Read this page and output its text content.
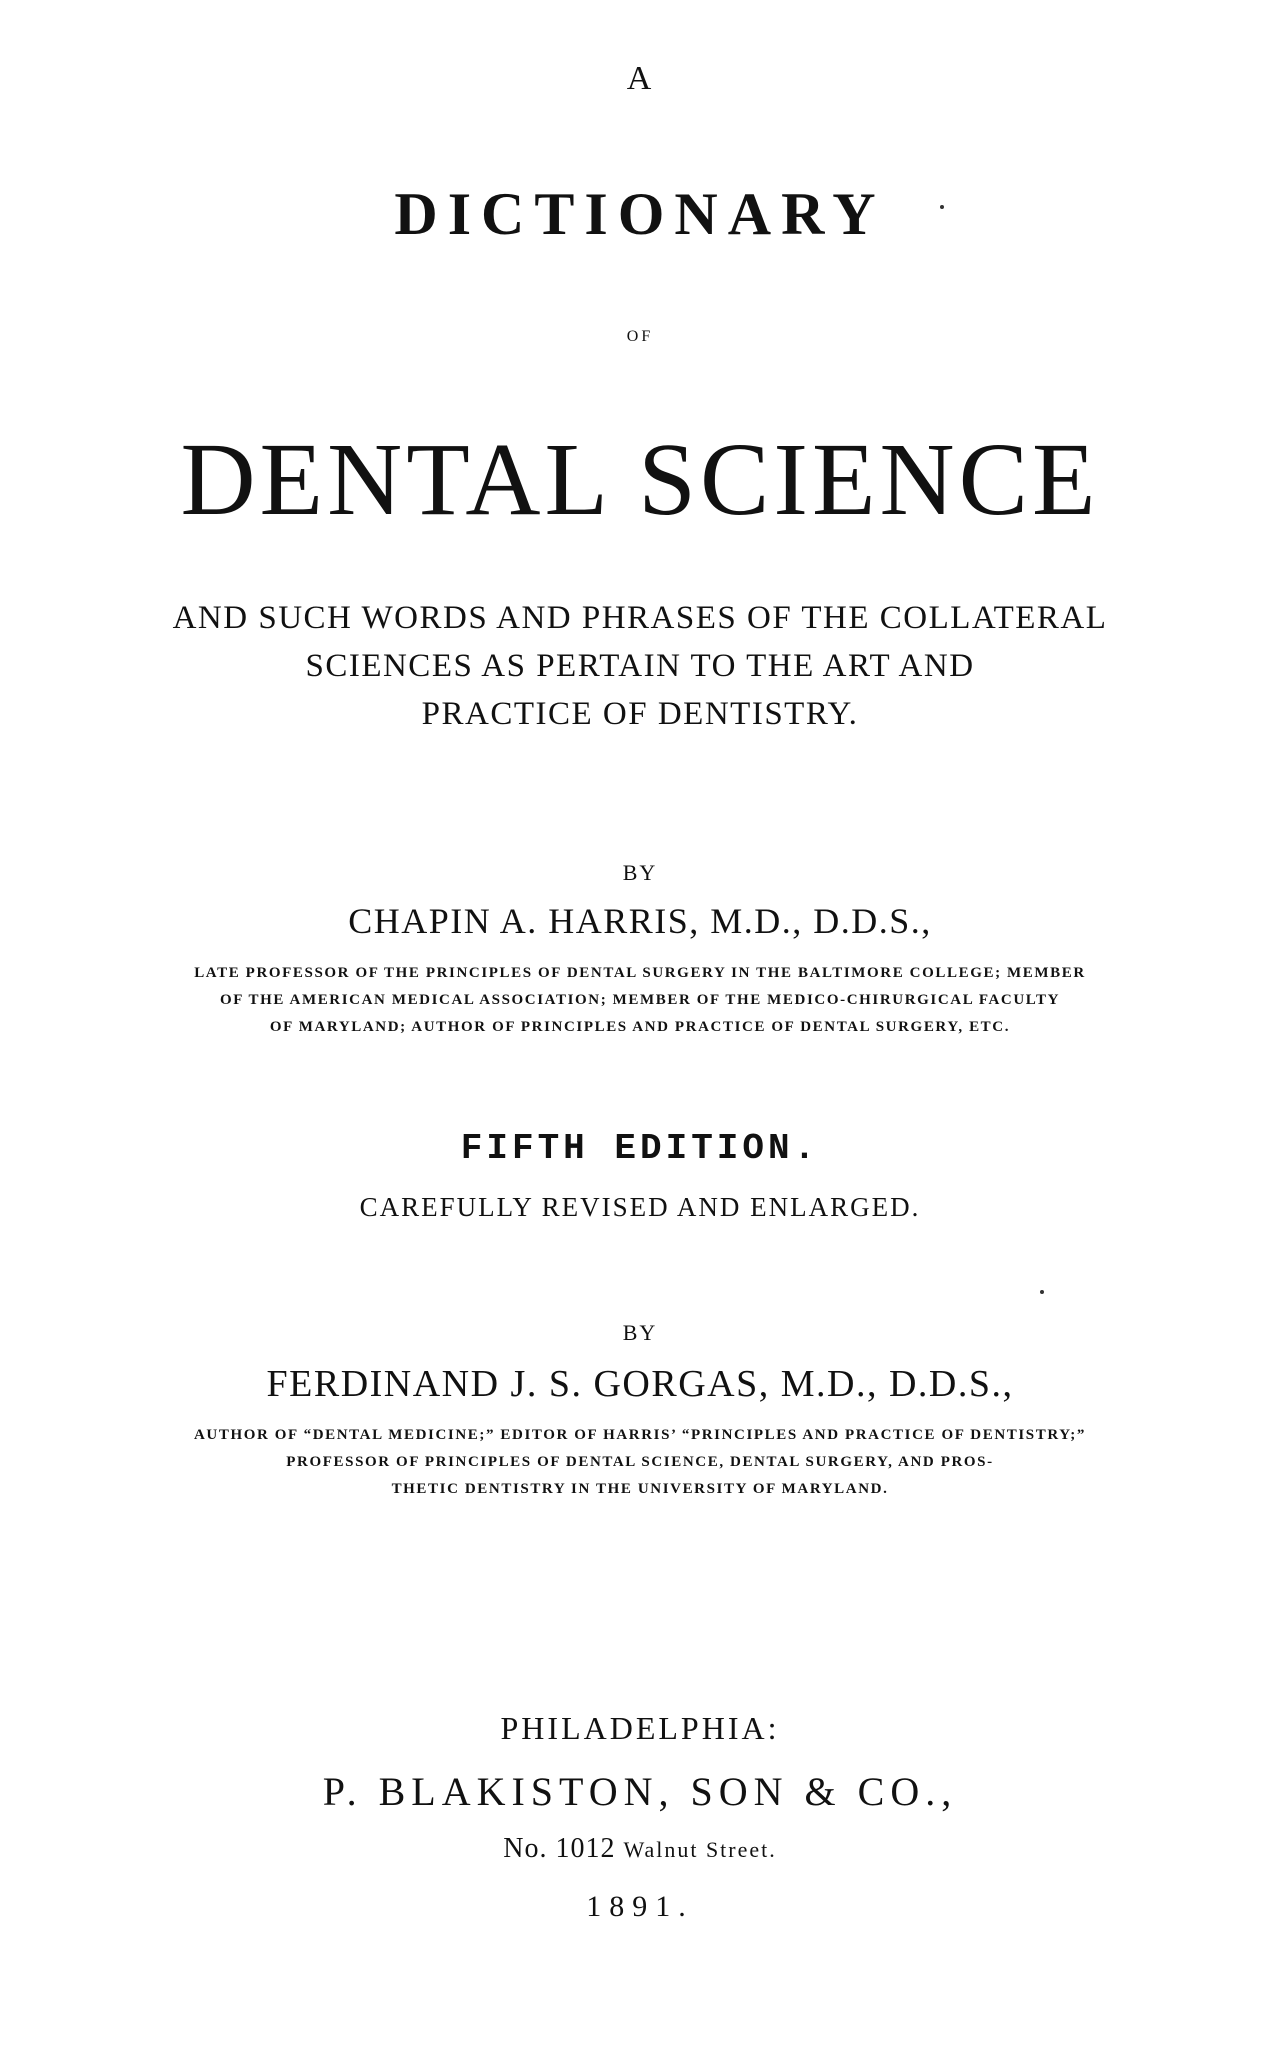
A
DICTIONARY
OF
DENTAL SCIENCE
AND SUCH WORDS AND PHRASES OF THE COLLATERAL
SCIENCES AS PERTAIN TO THE ART AND
PRACTICE OF DENTISTRY.
BY
CHAPIN A. HARRIS, M.D., D.D.S.,
LATE PROFESSOR OF THE PRINCIPLES OF DENTAL SURGERY IN THE BALTIMORE COLLEGE; MEMBER
OF THE AMERICAN MEDICAL ASSOCIATION; MEMBER OF THE MEDICO-CHIRURGICAL FACULTY
OF MARYLAND; AUTHOR OF PRINCIPLES AND PRACTICE OF DENTAL SURGERY, ETC.
FIFTH EDITION.
CAREFULLY REVISED AND ENLARGED.
BY
FERDINAND J. S. GORGAS, M.D., D.D.S.,
AUTHOR OF “DENTAL MEDICINE;” EDITOR OF HARRIS’ “PRINCIPLES AND PRACTICE OF DENTISTRY;”
PROFESSOR OF PRINCIPLES OF DENTAL SCIENCE, DENTAL SURGERY, AND PROS-
THETIC DENTISTRY IN THE UNIVERSITY OF MARYLAND.
PHILADELPHIA:
P. BLAKISTON, SON & CO.,
No. 1012 Walnut Street.
1891.
